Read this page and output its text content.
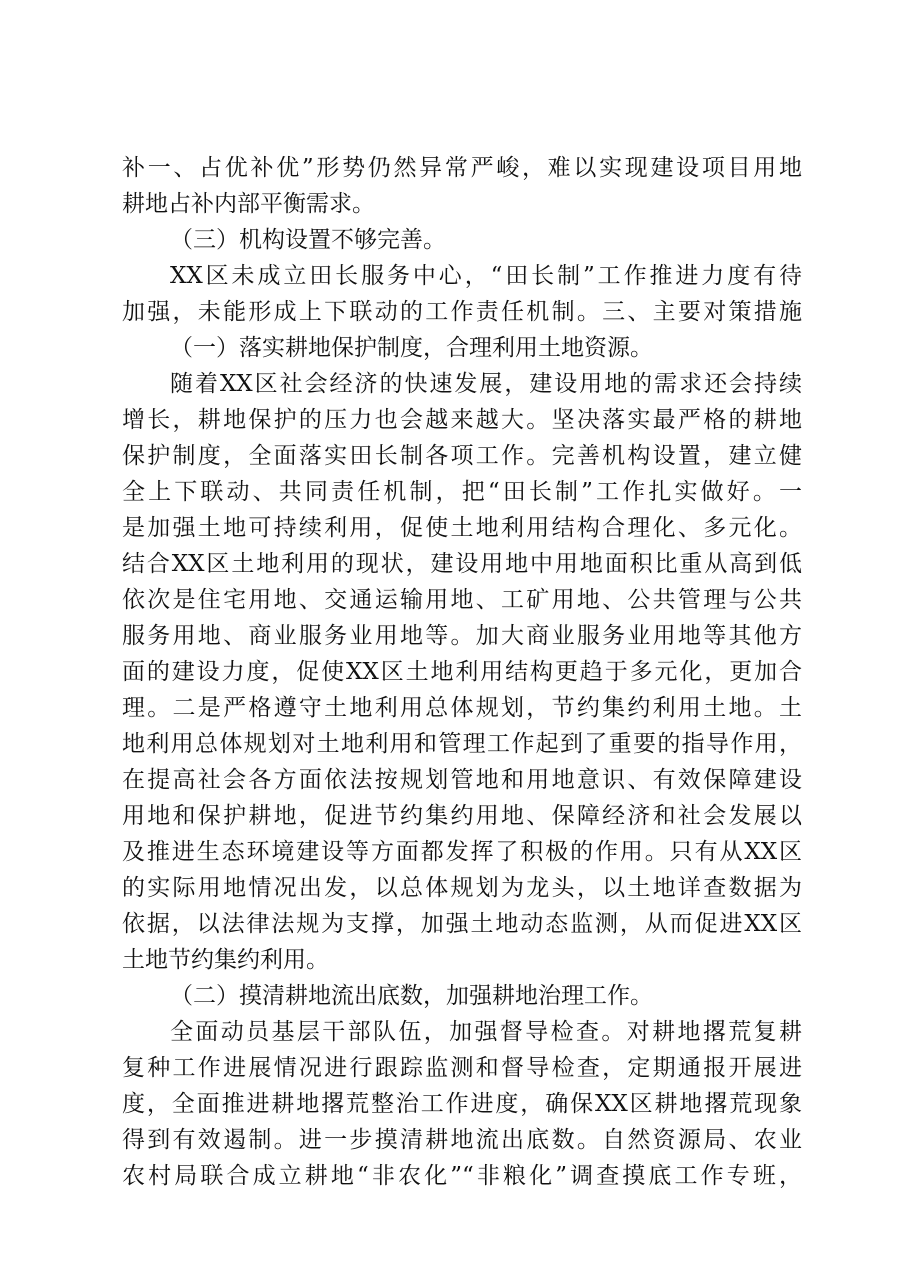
补一、占优补优”形势仍然异常严峻，难以实现建设项目用地
耕地占补内部平衡需求。
（三）机构设置不够完善。
XX区未成立田长服务中心，“田长制”工作推进力度有待
加强，未能形成上下联动的工作责任机制。三、主要对策措施
（一）落实耕地保护制度，合理利用土地资源。
随着XX区社会经济的快速发展，建设用地的需求还会持续
增长，耕地保护的压力也会越来越大。坚决落实最严格的耕地
保护制度，全面落实田长制各项工作。完善机构设置，建立健
全上下联动、共同责任机制，把“田长制”工作扎实做好。一
是加强土地可持续利用，促使土地利用结构合理化、多元化。
结合XX区土地利用的现状，建设用地中用地面积比重从高到低
依次是住宅用地、交通运输用地、工矿用地、公共管理与公共
服务用地、商业服务业用地等。加大商业服务业用地等其他方
面的建设力度，促使XX区土地利用结构更趋于多元化，更加合
理。二是严格遵守土地利用总体规划，节约集约利用土地。土
地利用总体规划对土地利用和管理工作起到了重要的指导作用，
在提高社会各方面依法按规划管地和用地意识、有效保障建设
用地和保护耕地，促进节约集约用地、保障经济和社会发展以
及推进生态环境建设等方面都发挥了积极的作用。只有从XX区
的实际用地情况出发，以总体规划为龙头，以土地详查数据为
依据，以法律法规为支撑，加强土地动态监测，从而促进XX区
土地节约集约利用。
（二）摸清耕地流出底数，加强耕地治理工作。
全面动员基层干部队伍，加强督导检查。对耕地撂荒复耕
复种工作进展情况进行跟踪监测和督导检查，定期通报开展进
度，全面推进耕地撂荒整治工作进度，确保XX区耕地撂荒现象
得到有效遏制。进一步摸清耕地流出底数。自然资源局、农业
农村局联合成立耕地“非农化”“非粮化”调查摸底工作专班，
